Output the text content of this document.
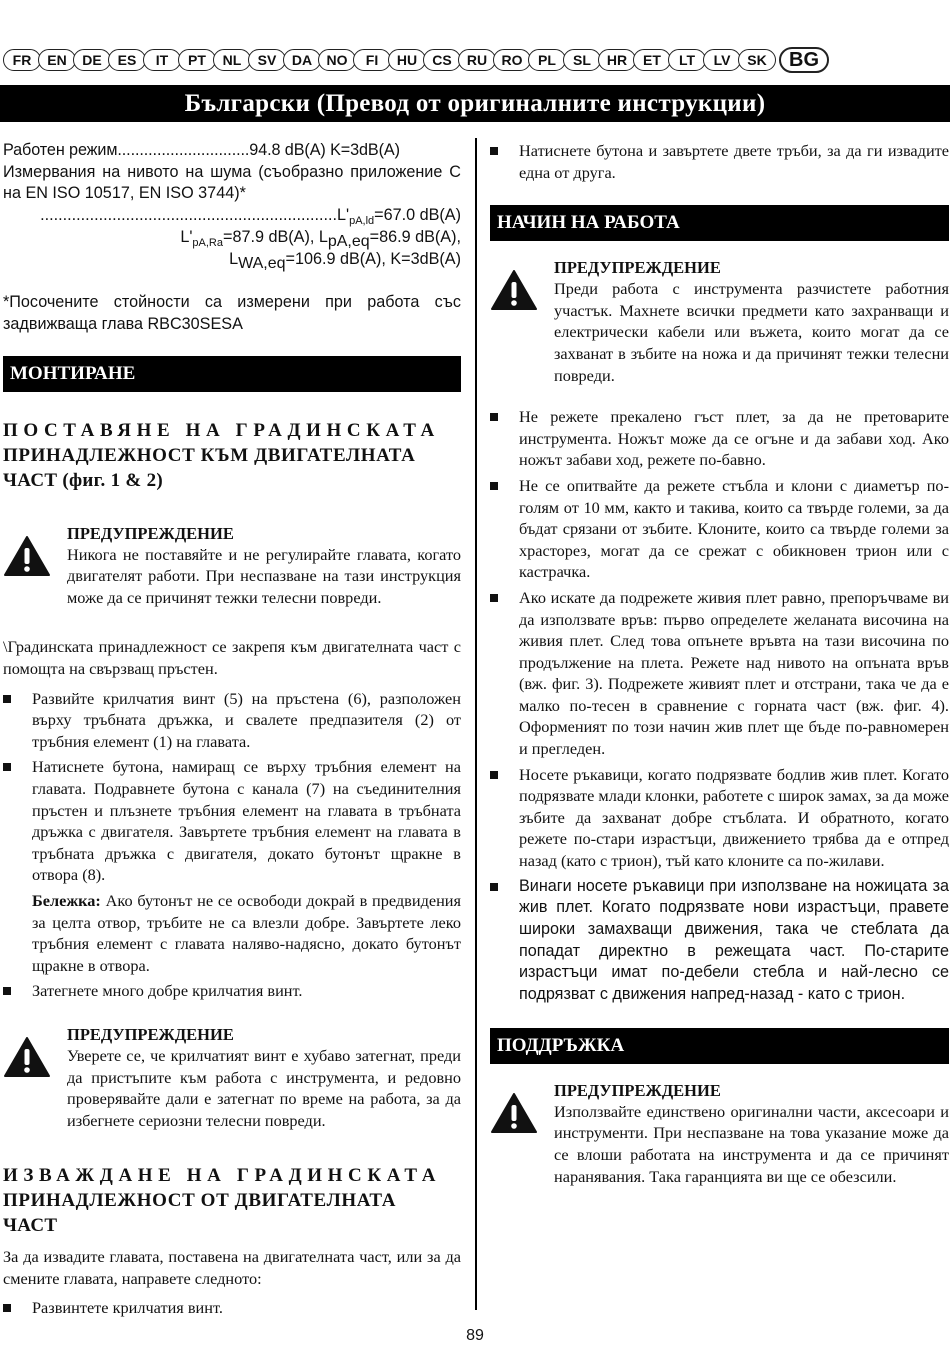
FR	EN	DE	ES	IT	PT	NL	SV	DA	NO	FI	HU	CS	RU	RO	PL	SL	HR	ET	LT	LV	SK	BG
Български (Превод от оригиналните инструкции)

Работен режим..............................94.8 dB(A) K=3dB(A)

Измервания на нивото на шума (съобразно приложение C на EN ISO 10517, EN ISO 3744)*

$..................................................................L'_{pA,ld}=67.0$ dB(A)

$L'_{pA,Ra}=87.9$ dB(A), $L_{pA,eq}=86.9$ dB(A),

$L_{WA,eq}=106.9$ dB(A), K=3dB(A)

*Посочените стойности са измерени при работа със задвижваща глава RBC30SESA

МОНТИРАНЕ

ПОСТАВЯНЕ НА ГРАДИНСКАТА

ПРИНАДЛЕЖНОСТ КЪМ ДВИГАТЕЛНАТА

ЧАСТ (фиг. 1 & 2)

ПРЕДУПРЕЖДЕНИЕ

Никога не поставяйте и не регулирайте главата, когато двигателят работи. При неспазване на тази инструкция може да се причинят тежки телесни повреди.

\Градинската принадлежност се закрепя към двигателната част с помощта на свързващ пръстен.

Развийте крилчатия винт (5) на пръстена (6), разположен върху тръбната дръжка, и свалете предпазителя (2) от тръбния елемент (1) на главата.
Натиснете бутона, намиращ се върху тръбния елемент на главата. Подравнете бутона с канала (7) на съединителния пръстен и плъзнете тръбния елемент на главата в тръбната дръжка с двигателя. Завъртете тръбния елемент на главата в тръбната дръжка с двигателя, докато бутонът щракне в отвора (8).

Бележка: Ако бутонът не се освободи докрай в предвидения за целта отвор, тръбите не са влезли добре. Завъртете леко тръбния елемент с главата наляво-надясно, докато бутонът щракне в отвора.

Затегнете много добре крилчатия винт.

ПРЕДУПРЕЖДЕНИЕ

Уверете се, че крилчатият винт е хубаво затегнат, преди да пристъпите към работа с инструмента, и редовно проверявайте дали е затегнат по време на работа, за да избегнете сериозни телесни повреди.

ИЗВАЖДАНЕ НА ГРАДИНСКАТА

ПРИНАДЛЕЖНОСТ ОТ ДВИГАТЕЛНАТА

ЧАСТ

За да извадите главата, поставена на двигателната част, или за да смените главата, направете следното:

Развинтете крилчатия винт.
Натиснете бутона и завъртете двете тръби, за да ги извадите една от друга.
НАЧИН НА РАБОТА

ПРЕДУПРЕЖДЕНИЕ

Преди работа с инструмента разчистете работния участък. Махнете всички предмети като захранващи и електрически кабели или въжета, които могат да се захванат в зъбите на ножа и да причинят тежки телесни повреди.

Не режете прекалено гъст плет, за да не претоварите инструмента. Ножът може да се огъне и да забави ход. Ако ножът забави ход, режете по-бавно.
Не се опитвайте да режете стъбла и клони с диаметър по-голям от 10 мм, както и такива, които са твърде големи, за да бъдат срязани от зъбите. Клоните, които са твърде големи за храсторез, могат да се срежат с обикновен трион или с кастрачка.
Ако искате да подрежете живия плет равно, препоръчваме ви да използвате връв: първо определете желаната височина на живия плет. След това опънете връвта на тази височина по продължение на плета. Режете над нивото на опънатa връв (вж. фиг. 3). Подрежете живият плет и отстрани, така че да е малко по-тесен в сравнение с горната част (вж. фиг. 4). Оформеният по този начин жив плет ще бъде по-равномерен и прегледен.
Носете ръкавици, когато подрязвате бодлив жив плет. Когато подрязвате млади клонки, работете с широк замах, за да може зъбите да захванат добре стъблата. И обратното, когато режете по-стари израстъци, движението трябва да е отпред назад (като с трион), тъй като клоните са по-жилави.
Винаги носете ръкавици при използване на ножицата за жив плет. Когато подрязвате нови израстъци, правете широки замахващи движения, така че стеблата да попадат директно в режещата част. По-старите израстъци имат по-дебели стебла и най-лесно се подрязват с движения напред-назад - като с трион.
ПОДДРЪЖКА

ПРЕДУПРЕЖДЕНИЕ

Използвайте единствено оригинални части, аксесоари и инструменти. При неспазване на това указание може да се влоши работата на инструмента и да се причинят наранявания. Така гаранцията ви ще се обезсили.

89
